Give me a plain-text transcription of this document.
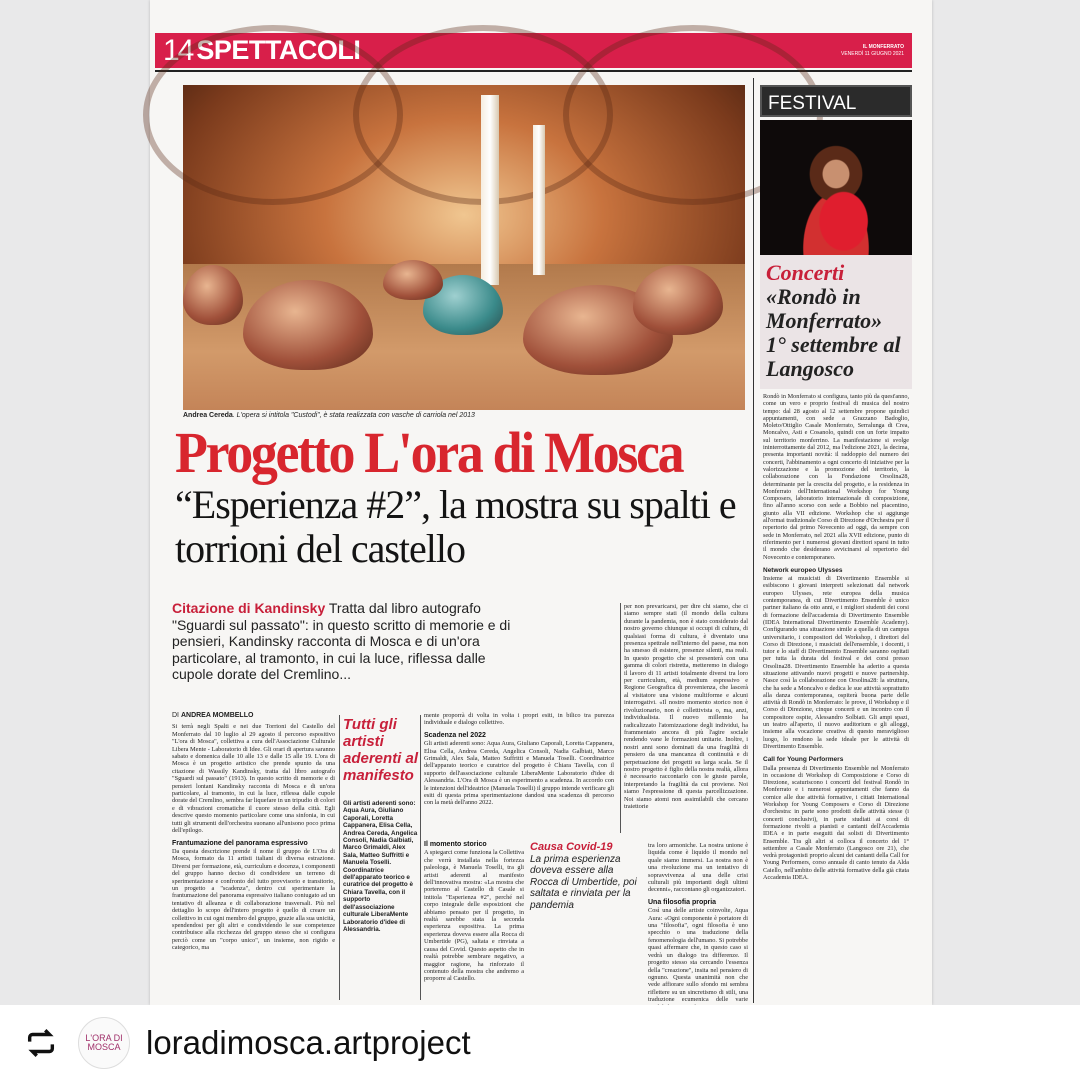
14 SPETTACOLI	IL MONFERRATO
VENERDÌ 11 GIUGNO 2021
Andrea Cereda. L'opera si intitola "Custodi", è stata realizzata con vasche di carriola nel 2013
Progetto L'ora di Mosca
“Esperienza #2”, la mostra su spalti e torrioni del castello

Citazione di Kandinsky Tratta dal libro autografo "Sguardi sul passato": in questo scritto di memorie e di pensieri, Kandinsky racconta di Mosca e di un'ora particolare, al tramonto, in cui la luce, riflessa dalle cupole dorate del Cremlino...

DI ANDREA MOMBELLO

Si terrà negli Spalti e nei due Torrioni del Castello del Monferrato dal 10 luglio al 29 agosto il percorso espositivo "L'ora di Mosca", collettiva a cura dell'Associazione Culturale Libera Mente - Laboratorio di Idee. Gli orari di apertura saranno sabato e domenica dalle 10 alle 13 e dalle 15 alle 19. L'ora di Mosca è un progetto artistico che prende spunto da una citazione di Wassily Kandinsky, tratta dal libro autografo "Sguardi sul passato" (1913). In questo scritto di memorie e di pensieri lontani Kandinsky racconta di Mosca e di un'ora particolare, al tramonto, in cui la luce, riflessa dalle cupole dorate del Cremlino, sembra far liquefare in un tripudio di colori e di vibrazioni cromatiche il cuore stesso della città. Egli descrive questo momento particolare come una sinfonia, in cui tutti gli strumenti dell'orchestra suonano all'unisono poco prima dell'epilogo.

Frantumazione del panorama espressivo

Da questa descrizione prende il nome il gruppo de L'Ora di Mosca, formato da 11 artisti italiani di diversa estrazione. Diversi per formazione, età, curriculum e docenza, i componenti del gruppo hanno deciso di condividere un terreno di sperimentazione e confronto del tutto provvisorio e transitorio, un progetto a "scadenza", dentro cui sperimentare la frantumazione del panorama espressivo italiano coniugato ad un tentativo di alleanza e di collaborazione trasversali. Più nel dettaglio lo scopo dell'intero progetto è quello di creare un collettivo in cui ogni membro del gruppo, grazie alla sua unicità, spendendosi per gli altri e condividendo le sue competenze contribuisce alla ricchezza del gruppo stesso che si configura perciò come un "corpo unico", un insieme, non rigido e categorico, ma

Tutti gli artisti aderenti al manifesto
Gli artisti aderenti sono: Aqua Aura, Giuliano Caporali, Loretta Cappanera, Elisa Cella, Andrea Cereda, Angelica Consoli, Nadia Galbiati, Marco Grimaldi, Alex Sala, Matteo Suffritti e Manuela Toselli. Coordinatrice dell'apparato teorico e curatrice del progetto è Chiara Tavella, con il supporto dell'associazione culturale LiberaMente Laboratorio d'idee di Alessandria.

mente proporrà di volta in volta i propri esiti, in bilico tra purezza individuale e dialogo collettivo.

Scadenza nel 2022

Gli artisti aderenti sono: Aqua Aura, Giuliano Caporali, Loretta Cappanera, Elisa Cella, Andrea Cereda, Angelica Consoli, Nadia Galbiati, Marco Grimaldi, Alex Sala, Matteo Suffritti e Manuela Toselli. Coordinatrice dell'apparato teorico e curatrice del progetto è Chiara Tavella, con il supporto dell'associazione culturale LiberaMente Laboratorio d'idee di Alessandria. L'Ora di Mosca è un esperimento a scadenza. In accordo con le intenzioni dell'ideatrice (Manuela Toselli) il gruppo intende verificare gli esiti di questa prima sperimentazione dandosi una scadenza di percorso con la metà dell'anno 2022.

Il momento storico

A spiegarci come funziona la Collettiva che verrà installata nella fortezza paleologa, è Manuela Toselli, tra gli artisti aderenti al manifesto dell'innovativa mostra: «La mostra che porteremo al Castello di Casale si intitola "Esperienza #2", perché nel corpo integrale delle esposizioni che abbiamo pensato per il progetto, in realtà sarebbe stata la seconda esperienza espositiva. La prima esperienza doveva essere alla Rocca di Umbertide (PG), saltata e rinviata a causa del Covid. Questo aspetto che in realtà potrebbe sembrare negativo, a maggior ragione, ha rinforzato il contenuto della mostra che andremo a proporre al Castello.

Causa Covid-19
La prima esperienza doveva essere alla Rocca di Umbertide, poi saltata e rinviata per la pandemia
per non prevaricarsi, per dire chi siamo, che ci siamo sempre stati (il mondo della cultura durante la pandemia, non è stato considerato dal nostro governo chiunque si occupi di cultura, di qualsiasi forma di cultura, è diventato una presenza spettrale nell'interno del paese, ma non ha smesso di esistere, presenze silenti, ma reali. In questo progetto che si presenterà con una gamma di colori ristretta, metteremo in dialogo il lavoro di 11 artisti totalmente diversi tra loro per curriculum, età, medium espressivo e Regione Geografica di provenienza, che lascerà al visitatore una visione multiforme e alcuni interrogativi. «Il nostro momento storico non è rivoluzionario, non è collettivista o, ma, anzi, individualista. Il nuovo millennio ha radicalizzato l'atomizzazione degli individui, ha frammentato ancora di più l'agire sociale rendendo vane le formazioni unitarie. Inoltre, i nostri anni sono dominati da una fragilità di pensiero da una mancanza di continuità e di perpetuazione dei progetti su larga scala. Se il nostro progetto è figlio della nostra realtà, allora è necessario raccontarlo con le giuste parole, interpretando la fragilità da cui proviene. Noi siamo l'espressione di questa parcellizzazione. Noi siamo atomi non assimilabili che cercano traiettorie

tra loro armoniche. La nostra unione è liquida come è liquido il mondo nel quale siamo immersi. La nostra non è una rivoluzione ma un tentativo di sopravvivenza al una delle crisi culturali più importanti degli ultimi decenni», raccontano gli organizzatori.

Una filosofia propria

Così una delle artiste coinvolte, Aqua Aura: «Ogni componente è portatore di una "filosofia", ogni filosofia è uno specchio o una traduzione della fenomenologia dell'umano. Si potrebbe quasi affermare che, in questo caso si vedrà un dialogo tra differenze. Il progetto stesso sta cercando l'essenza della "creazione", insita nel pensiero di ognuno. Questa unanimità non che vede affiorare sullo sfondo mi sembra riflettere su un sincretismo di stili, una traduzione ecumenica delle varie

FESTIVAL
Concerti
«Rondò in Monferrato» 1° settembre al Langosco

Rondò in Monferrato si configura, tanto più da quest'anno, come un vero e proprio festival di musica del nostro tempo: dal 28 agosto al 12 settembre propone quindici appuntamenti, con sede a Grazzano Badoglio, Moleto/Ottiglio Casale Monferrato, Serralunga di Crea, Moncalvo, Asti e Cosanolo, quindi con un forte impatto sul territorio monferrino. La manifestazione si svolge ininterrottamente dal 2012, ma l'edizione 2021, la decima, presenta importanti novità: il raddoppio del numero dei concerti, l'abbinamento a ogni concerto di iniziative per la valorizzazione e la promozione del territorio, la collaborazione con la Fondazione Orsolina28, determinante per la crescita del progetto, e la residenza in Monferrato dell'International Workshop for Young Composers, laboratorio internazionale di composizione, fino all'anno scorso con sede a Bobbio nel piacentino, giunto alla VII edizione. Workshop che si aggiunge all'ormai tradizionale Corso di Direzione d'Orchestra per il repertorio dal primo Novecento ad oggi, da sempre con sede in Monferrato, nel 2021 alla XVII edizione, punto di riferimento per i numerosi giovani direttori sparsi in tutto il mondo che desiderano avvicinarsi al repertorio del Novecento e contemporaneo.

Network europeo Ulysses

Insieme ai musicisti di Divertimento Ensemble si esibiscono i giovani interpreti selezionati dal network europeo Ulysses, rete europea della musica contemporanea, di cui Divertimento Ensemble è unico partner italiano da otto anni, e i migliori studenti dei corsi di formazione dell'accademia di Divertimento Ensemble (IDEA International Divertimento Ensemble Academy). Configurando una situazione simile a quella di un campus universitario, i compositori del Workshop, i direttori del Corso di Direzione, i musicisti dell'ensemble, i docenti, i tutor e lo staff di Divertimento Ensemble saranno ospitati per tutta la durata del festival e dei corsi presso Orsolina28. Divertimento Ensemble ha aderito a questa situazione attivando nuovi progetti e nuove partnership. Nasce così la collaborazione con Orsolina28: la struttura, che ha sede a Moncalvo e dedica le sue attività soprattutto alla danza contemporanea, ospiterà buona parte delle attività di Rondò in Monferrato: le prove, il Workshop e il Corso di Direzione, cinque concerti e un incontro con il compositore ospite, Alessandro Solbiati. Gli ampi spazi, un teatro all'aperto, il nuovo auditorium e gli alloggi, insieme alla vocazione creativa di questo meraviglioso luogo, lo rendono la sede ideale per le attività di Divertimento Ensemble.

Call for Young Performers

Dalla presenza di Divertimento Ensemble nel Monferrato in occasione di Workshop di Composizione e Corso di Direzione, scaturiscono i concerti del festival Rondò in Monferrato e i numerosi appuntamenti che fanno da cornice alle due attività formative, i cittati International Workshop for Young Composers e Corso di Direzione d'orchestra: in parte sono prodotti delle attività stesse (i concerti conclusivi), in parte studiati ai corsi di formazione rivolti a pianisti e cantanti dell'Accademia IDEA e in parte eseguiti dai solisti di Divertimento Ensemble. Tra gli altri si colloca il concerto del 1° settembre a Casale Monferrato (Langosco ore 21), che vedrà protagonisti proprio alcuni dei cantanti della Call for Young Performers, corso annuale di canto tenuto da Alda Caiello, nell'ambito delle attività formative della già citata Accademia IDEA.

L'ORA DI MOSCA loradimosca.artproject
